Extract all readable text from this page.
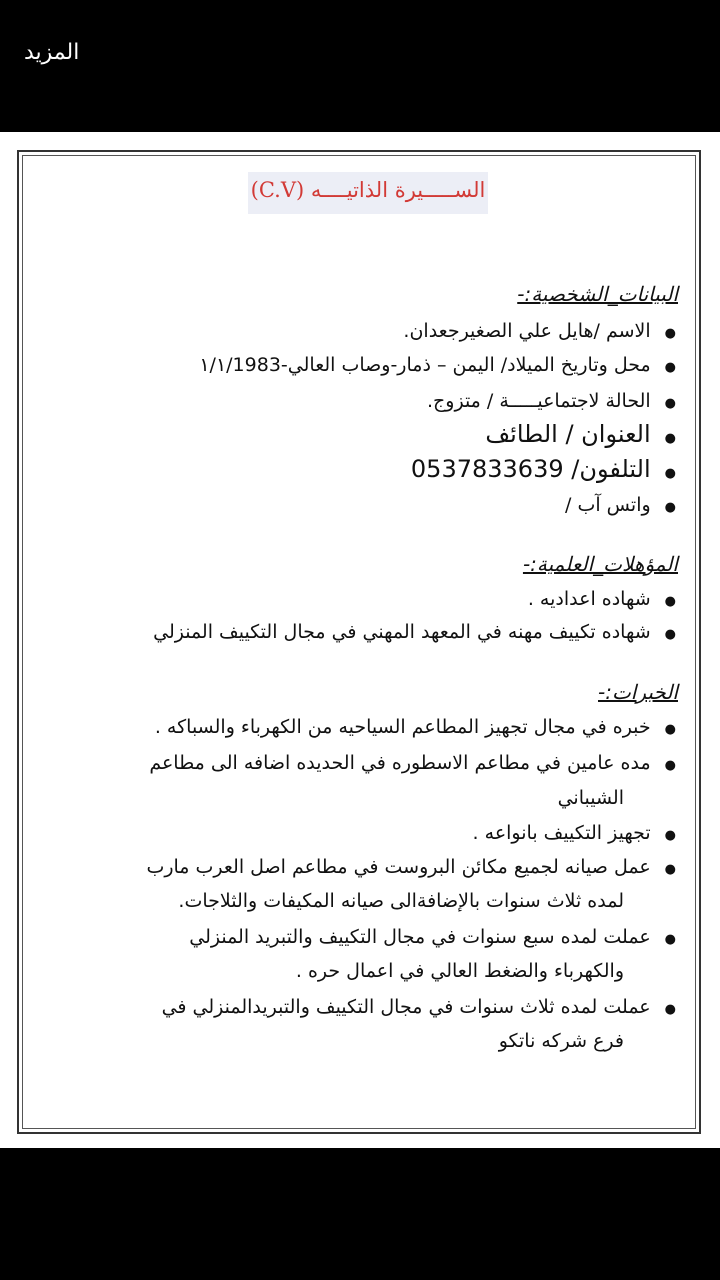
المزيد
الســـــيرة الذاتيــــه (C.V)
البيانات_الشخصية:-
●الاسم /هايل علي الصغيرجعدان.
●محل وتاريخ الميلاد/ اليمن – ذمار-وصاب العالي-١/١/1983
●الحالة لاجتماعيـــــة / متزوج.
●العنوان / الطائف
●التلفون/ 0537833639
●واتس آب /
المؤهلات_العلمية:-
●شهاده اعداديه .
●شهاده تكييف مهنه في المعهد المهني في مجال التكييف المنزلي
الخبرات:-
●خبره في مجال تجهيز المطاعم السياحيه من الكهرباء والسباكه .
●مده عامين في مطاعم الاسطوره في الحديده اضافه الى مطاعم
الشيباني
●تجهيز التكييف بانواعه .
●عمل صيانه لجميع مكائن البروست في مطاعم اصل العرب مارب
لمده ثلاث سنوات بالإضافةالى صيانه المكيفات والثلاجات.
●عملت لمده سبع سنوات في مجال التكييف والتبريد المنزلي
والكهرباء والضغط العالي في اعمال حره .
●عملت لمده ثلاث سنوات في مجال التكييف والتبريدالمنزلي في
فرع شركه ناتكو
